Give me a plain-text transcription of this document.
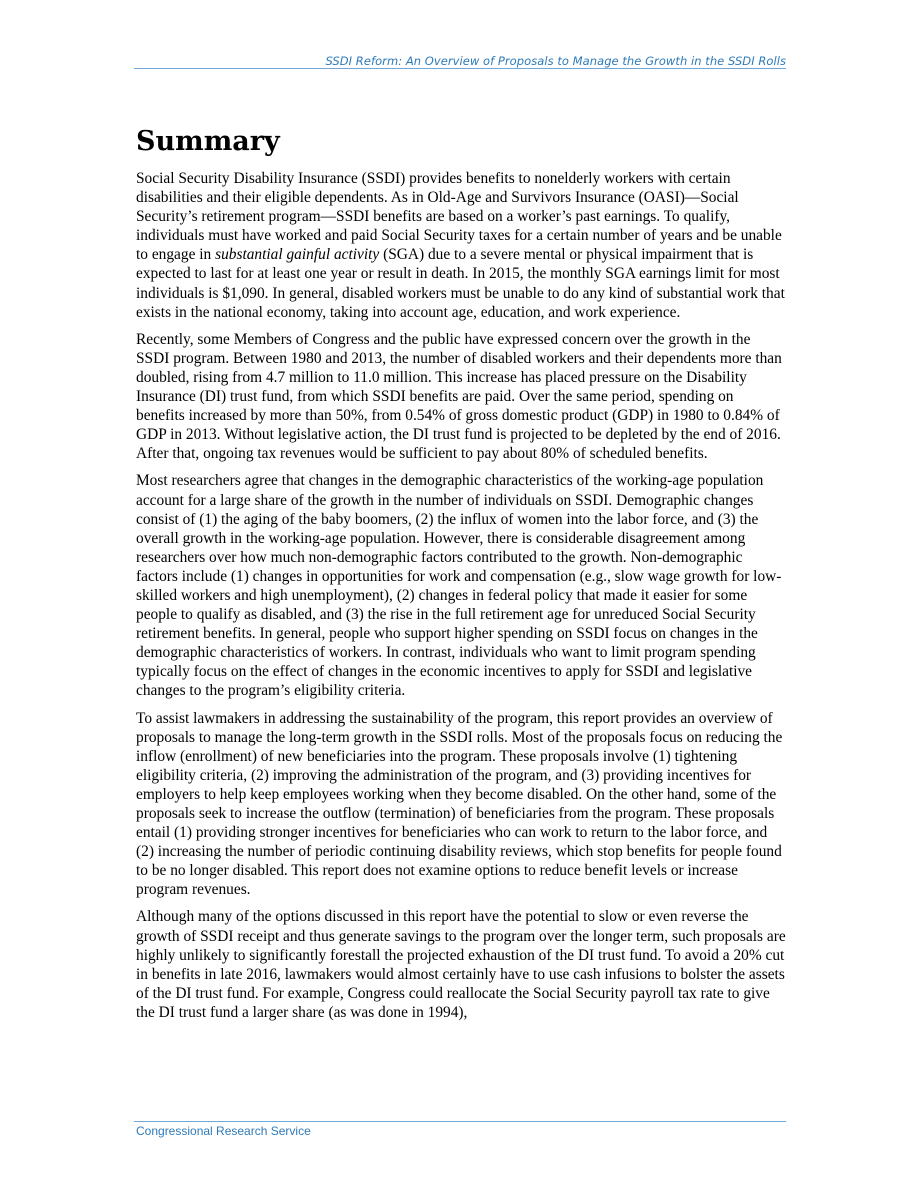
SSDI Reform: An Overview of Proposals to Manage the Growth in the SSDI Rolls
Summary

Social Security Disability Insurance (SSDI) provides benefits to nonelderly workers with certain disabilities and their eligible dependents. As in Old-Age and Survivors Insurance (OASI)—Social Security’s retirement program—SSDI benefits are based on a worker’s past earnings. To qualify, individuals must have worked and paid Social Security taxes for a certain number of years and be unable to engage in substantial gainful activity (SGA) due to a severe mental or physical impairment that is expected to last for at least one year or result in death. In 2015, the monthly SGA earnings limit for most individuals is $1,090. In general, disabled workers must be unable to do any kind of substantial work that exists in the national economy, taking into account age, education, and work experience.

Recently, some Members of Congress and the public have expressed concern over the growth in the SSDI program. Between 1980 and 2013, the number of disabled workers and their dependents more than doubled, rising from 4.7 million to 11.0 million. This increase has placed pressure on the Disability Insurance (DI) trust fund, from which SSDI benefits are paid. Over the same period, spending on benefits increased by more than 50%, from 0.54% of gross domestic product (GDP) in 1980 to 0.84% of GDP in 2013. Without legislative action, the DI trust fund is projected to be depleted by the end of 2016. After that, ongoing tax revenues would be sufficient to pay about 80% of scheduled benefits.

Most researchers agree that changes in the demographic characteristics of the working-age population account for a large share of the growth in the number of individuals on SSDI. Demographic changes consist of (1) the aging of the baby boomers, (2) the influx of women into the labor force, and (3) the overall growth in the working-age population. However, there is considerable disagreement among researchers over how much non-demographic factors contributed to the growth. Non-demographic factors include (1) changes in opportunities for work and compensation (e.g., slow wage growth for low-skilled workers and high unemployment), (2) changes in federal policy that made it easier for some people to qualify as disabled, and (3) the rise in the full retirement age for unreduced Social Security retirement benefits. In general, people who support higher spending on SSDI focus on changes in the demographic characteristics of workers. In contrast, individuals who want to limit program spending typically focus on the effect of changes in the economic incentives to apply for SSDI and legislative changes to the program’s eligibility criteria.

To assist lawmakers in addressing the sustainability of the program, this report provides an overview of proposals to manage the long-term growth in the SSDI rolls. Most of the proposals focus on reducing the inflow (enrollment) of new beneficiaries into the program. These proposals involve (1) tightening eligibility criteria, (2) improving the administration of the program, and (3) providing incentives for employers to help keep employees working when they become disabled. On the other hand, some of the proposals seek to increase the outflow (termination) of beneficiaries from the program. These proposals entail (1) providing stronger incentives for beneficiaries who can work to return to the labor force, and (2) increasing the number of periodic continuing disability reviews, which stop benefits for people found to be no longer disabled. This report does not examine options to reduce benefit levels or increase program revenues.

Although many of the options discussed in this report have the potential to slow or even reverse the growth of SSDI receipt and thus generate savings to the program over the longer term, such proposals are highly unlikely to significantly forestall the projected exhaustion of the DI trust fund. To avoid a 20% cut in benefits in late 2016, lawmakers would almost certainly have to use cash infusions to bolster the assets of the DI trust fund. For example, Congress could reallocate the Social Security payroll tax rate to give the DI trust fund a larger share (as was done in 1994),

Congressional Research Service
